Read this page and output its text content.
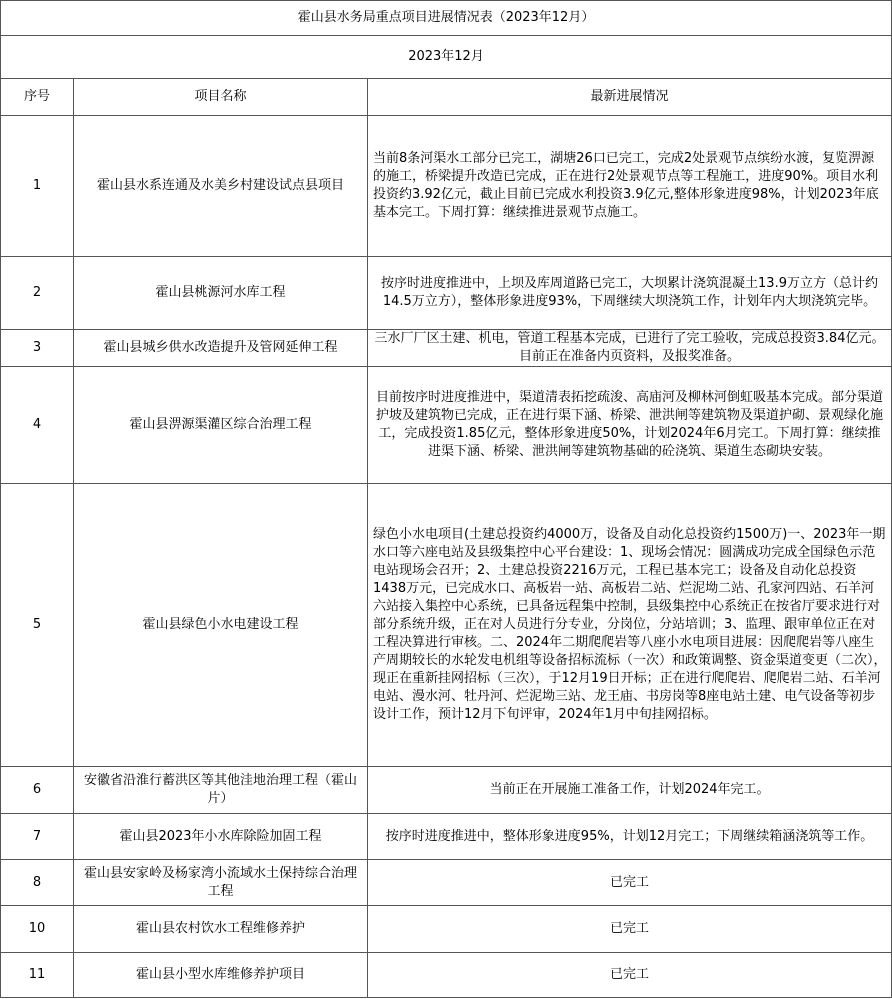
霍山县水务局重点项目进展情况表（2023年12月）		
2023年12月		
序号	项目名称	最新进展情况
1	霍山县水系连通及水美乡村建设试点县项目	当前8条河渠水工部分已完工，湖塘26口已完工，完成2处景观节点缤纷水渡，复览淠源的施工，桥梁提升改造已完成，正在进行2处景观节点等工程施工，进度90%。项目水利投资约3.92亿元，截止目前已完成水利投资3.9亿元,整体形象进度98%，计划2023年底基本完工。下周打算：继续推进景观节点施工。
2	霍山县桃源河水库工程	按序时进度推进中，上坝及库周道路已完工，大坝累计浇筑混凝土13.9万立方（总计约14.5万立方），整体形象进度93%，下周继续大坝浇筑工作，计划年内大坝浇筑完毕。
3	霍山县城乡供水改造提升及管网延伸工程	三水厂厂区土建、机电，管道工程基本完成，已进行了完工验收，完成总投资3.84亿元。目前正在准备内页资料，及报奖准备。
4	霍山县淠源渠灌区综合治理工程	目前按序时进度推进中，渠道清表拓挖疏浚、高庙河及柳林河倒虹吸基本完成。部分渠道护坡及建筑物已完成，正在进行渠下涵、桥梁、泄洪闸等建筑物及渠道护砌、景观绿化施工，完成投资1.85亿元，整体形象进度50%，计划2024年6月完工。下周打算：继续推进渠下涵、桥梁、泄洪闸等建筑物基础的砼浇筑、渠道生态砌块安装。
5	霍山县绿色小水电建设工程	绿色小水电项目(土建总投资约4000万，设备及自动化总投资约1500万)一、2023年一期水口等六座电站及县级集控中心平台建设：1、现场会情况：圆满成功完成全国绿色示范电站现场会召开；2、土建总投资2216万元，工程已基本完工；设备及自动化总投资1438万元，已完成水口、高板岩一站、高板岩二站、烂泥坳二站、孔家河四站、石羊河六站接入集控中心系统，已具备远程集中控制，县级集控中心系统正在按省厅要求进行对部分系统升级，正在对人员进行分专业，分岗位，分站培训；3、监理、跟审单位正在对工程决算进行审核。二、2024年二期爬爬岩等八座小水电项目进展：因爬爬岩等八座生产周期较长的水轮发电机组等设备招标流标（一次）和政策调整、资金渠道变更（二次），现正在重新挂网招标（三次），于12月19日开标；正在进行爬爬岩、爬爬岩二站、石羊河电站、漫水河、牡丹河、烂泥坳三站、龙王庙、书房岗等8座电站土建、电气设备等初步设计工作，预计12月下旬评审，2024年1月中旬挂网招标。
6	安徽省沿淮行蓄洪区等其他洼地治理工程（霍山片）	当前正在开展施工准备工作，计划2024年完工。
7	霍山县2023年小水库除险加固工程	按序时进度推进中，整体形象进度95%，计划12月完工；下周继续箱涵浇筑等工作。
8	霍山县安家岭及杨家湾小流域水土保持综合治理工程	已完工
10	霍山县农村饮水工程维修养护	已完工
11	霍山县小型水库维修养护项目	已完工
